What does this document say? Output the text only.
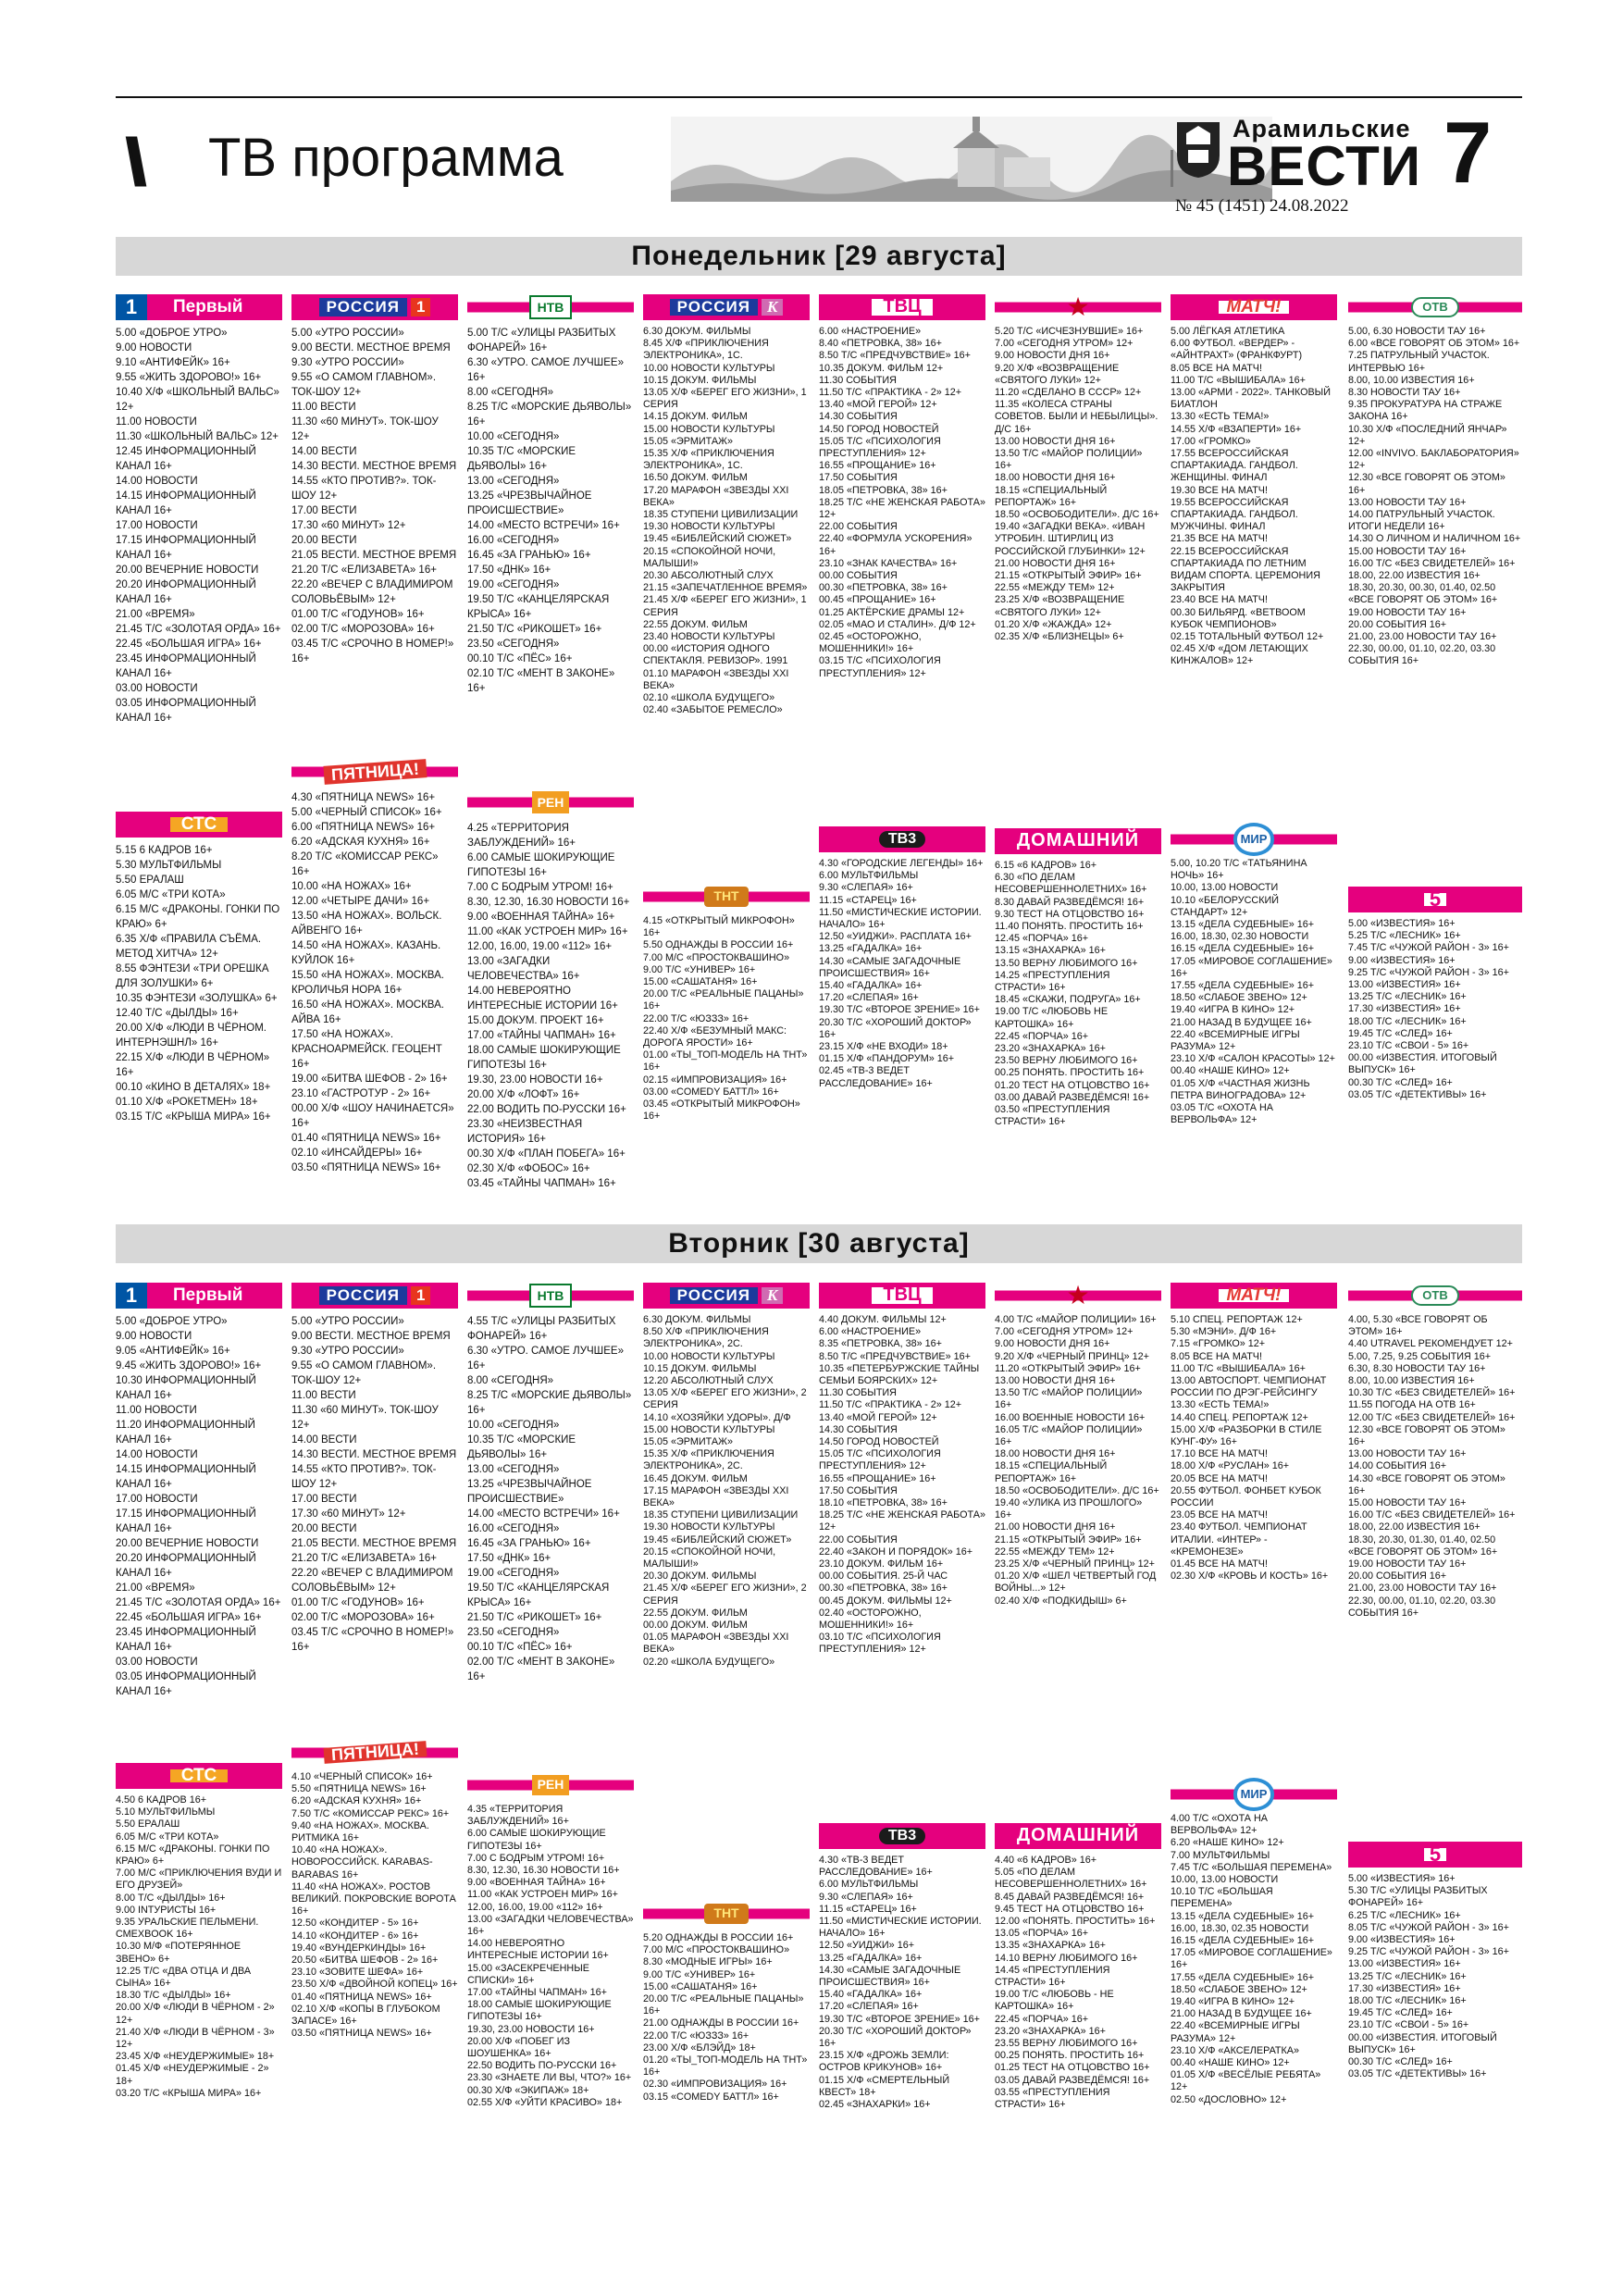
\\ ТВ программа	Арамильские
ВЕСТИ
№ 45 (1451) 24.08.2022
7
Понедельник [29 августа]
1	Первый
5.00 «ДОБРОЕ УТРО»
9.00 НОВОСТИ
9.10 «АНТИФЕЙК» 16+
9.55 «ЖИТЬ ЗДОРОВО!» 16+
10.40 Х/Ф «ШКОЛЬНЫЙ ВАЛЬС» 12+
11.00 НОВОСТИ
11.30 «ШКОЛЬНЫЙ ВАЛЬС» 12+
12.45 ИНФОРМАЦИОННЫЙ КАНАЛ 16+
14.00 НОВОСТИ
14.15 ИНФОРМАЦИОННЫЙ КАНАЛ 16+
17.00 НОВОСТИ
17.15 ИНФОРМАЦИОННЫЙ КАНАЛ 16+
20.00 ВЕЧЕРНИЕ НОВОСТИ
20.20 ИНФОРМАЦИОННЫЙ КАНАЛ 16+
21.00 «ВРЕМЯ»
21.45 Т/С «ЗОЛОТАЯ ОРДА» 16+
22.45 «БОЛЬШАЯ ИГРА» 16+
23.45 ИНФОРМАЦИОННЫЙ КАНАЛ 16+
03.00 НОВОСТИ
03.05 ИНФОРМАЦИОННЫЙ КАНАЛ 16+
СТС
5.15 6 КАДРОВ 16+
5.30 МУЛЬТФИЛЬМЫ
5.50 ЕРАЛАШ
6.05 М/С «ТРИ КОТА»
6.15 М/С «ДРАКОНЫ. ГОНКИ ПО КРАЮ» 6+
6.35 Х/Ф «ПРАВИЛА СЪЁМА. МЕТОД ХИТЧА» 12+
8.55 ФЭНТЕЗИ «ТРИ ОРЕШКА ДЛЯ ЗОЛУШКИ» 6+
10.35 ФЭНТЕЗИ «ЗОЛУШКА» 6+
12.40 Т/С «ДЫЛДЫ» 16+
20.00 Х/Ф «ЛЮДИ В ЧЁРНОМ. ИНТЕРНЭШНЛ» 16+
22.15 Х/Ф «ЛЮДИ В ЧЁРНОМ» 16+
00.10 «КИНО В ДЕТАЛЯХ» 18+
01.10 Х/Ф «РОКЕТМЕН» 18+
03.15 Т/С «КРЫША МИРА» 16+
РОССИЯ	1
5.00 «УТРО РОССИИ»
9.00 ВЕСТИ. МЕСТНОЕ ВРЕМЯ
9.30 «УТРО РОССИИ»
9.55 «О САМОМ ГЛАВНОМ». ТОК-ШОУ 12+
11.00 ВЕСТИ
11.30 «60 МИНУТ». ТОК-ШОУ 12+
14.00 ВЕСТИ
14.30 ВЕСТИ. МЕСТНОЕ ВРЕМЯ
14.55 «КТО ПРОТИВ?». ТОК-ШОУ 12+
17.00 ВЕСТИ
17.30 «60 МИНУТ» 12+
20.00 ВЕСТИ
21.05 ВЕСТИ. МЕСТНОЕ ВРЕМЯ
21.20 Т/С «ЕЛИЗАВЕТА» 16+
22.20 «ВЕЧЕР С ВЛАДИМИРОМ СОЛОВЬЁВЫМ» 12+
01.00 Т/С «ГОДУНОВ» 16+
02.00 Т/С «МОРОЗОВА» 16+
03.45 Т/С «СРОЧНО В НОМЕР!» 16+
ПЯТНИЦА!
4.30 «ПЯТНИЦА NEWS» 16+
5.00 «ЧЕРНЫЙ СПИСОК» 16+
6.00 «ПЯТНИЦА NEWS» 16+
6.20 «АДСКАЯ КУХНЯ» 16+
8.20 Т/С «КОМИССАР РЕКС» 16+
10.00 «НА НОЖАХ» 16+
12.00 «ЧЕТЫРЕ ДАЧИ» 16+
13.50 «НА НОЖАХ». ВОЛЬСК. АЙВЕНГО 16+
14.50 «НА НОЖАХ». КАЗАНЬ. КУЙЛОК 16+
15.50 «НА НОЖАХ». МОСКВА. КРОЛИЧЬЯ НОРА 16+
16.50 «НА НОЖАХ». МОСКВА. АЙВА 16+
17.50 «НА НОЖАХ». КРАСНОАРМЕЙСК. ГЕОЦЕНТ 16+
19.00 «БИТВА ШЕФОВ - 2» 16+
23.10 «ГАСТРОТУР - 2» 16+
00.00 Х/Ф «ШОУ НАЧИНАЕТСЯ» 16+
01.40 «ПЯТНИЦА NEWS» 16+
02.10 «ИНСАЙДЕРЫ» 16+
03.50 «ПЯТНИЦА NEWS» 16+
НТВ
5.00 Т/С «УЛИЦЫ РАЗБИТЫХ ФОНАРЕЙ» 16+
6.30 «УТРО. САМОЕ ЛУЧШЕЕ» 16+
8.00 «СЕГОДНЯ»
8.25 Т/С «МОРСКИЕ ДЬЯВОЛЫ» 16+
10.00 «СЕГОДНЯ»
10.35 Т/С «МОРСКИЕ ДЬЯВОЛЫ» 16+
13.00 «СЕГОДНЯ»
13.25 «ЧРЕЗВЫЧАЙНОЕ ПРОИСШЕСТВИЕ»
14.00 «МЕСТО ВСТРЕЧИ» 16+
16.00 «СЕГОДНЯ»
16.45 «ЗА ГРАНЬЮ» 16+
17.50 «ДНК» 16+
19.00 «СЕГОДНЯ»
19.50 Т/С «КАНЦЕЛЯРСКАЯ КРЫСА» 16+
21.50 Т/С «РИКОШЕТ» 16+
23.50 «СЕГОДНЯ»
00.10 Т/С «ПЁС» 16+
02.10 Т/С «МЕНТ В ЗАКОНЕ» 16+
РЕН
4.25 «ТЕРРИТОРИЯ ЗАБЛУЖДЕНИЙ» 16+
6.00 САМЫЕ ШОКИРУЮЩИЕ ГИПОТЕЗЫ 16+
7.00 С БОДРЫМ УТРОМ! 16+
8.30, 12.30, 16.30 НОВОСТИ 16+
9.00 «ВОЕННАЯ ТАЙНА» 16+
11.00 «КАК УСТРОЕН МИР» 16+
12.00, 16.00, 19.00 «112» 16+
13.00 «ЗАГАДКИ ЧЕЛОВЕЧЕСТВА» 16+
14.00 НЕВЕРОЯТНО ИНТЕРЕСНЫЕ ИСТОРИИ 16+
15.00 ДОКУМ. ПРОЕКТ 16+
17.00 «ТАЙНЫ ЧАПМАН» 16+
18.00 САМЫЕ ШОКИРУЮЩИЕ ГИПОТЕЗЫ 16+
19.30, 23.00 НОВОСТИ 16+
20.00 Х/Ф «ЛОФТ» 16+
22.00 ВОДИТЬ ПО-РУССКИ 16+
23.30 «НЕИЗВЕСТНАЯ ИСТОРИЯ» 16+
00.30 Х/Ф «ПЛАН ПОБЕГА» 16+
02.30 Х/Ф «ФОБОС» 16+
03.45 «ТАЙНЫ ЧАПМАН» 16+
РОССИЯ	K
6.30 ДОКУМ. ФИЛЬМЫ
8.45 Х/Ф «ПРИКЛЮЧЕНИЯ ЭЛЕКТРОНИКА», 1С.
10.00 НОВОСТИ КУЛЬТУРЫ
10.15 ДОКУМ. ФИЛЬМЫ
13.05 Х/Ф «БЕРЕГ ЕГО ЖИЗНИ», 1 СЕРИЯ
14.15 ДОКУМ. ФИЛЬМ
15.00 НОВОСТИ КУЛЬТУРЫ
15.05 «ЭРМИТАЖ»
15.35 Х/Ф «ПРИКЛЮЧЕНИЯ ЭЛЕКТРОНИКА», 1С.
16.50 ДОКУМ. ФИЛЬМ
17.20 МАРАФОН «ЗВЕЗДЫ XXI ВЕКА»
18.35 СТУПЕНИ ЦИВИЛИЗАЦИИ
19.30 НОВОСТИ КУЛЬТУРЫ
19.45 «БИБЛЕЙСКИЙ СЮЖЕТ»
20.15 «СПОКОЙНОЙ НОЧИ, МАЛЫШИ!»
20.30 АБСОЛЮТНЫЙ СЛУХ
21.15 «ЗАПЕЧАТЛЕННОЕ ВРЕМЯ»
21.45 Х/Ф «БЕРЕГ ЕГО ЖИЗНИ», 1 СЕРИЯ
22.55 ДОКУМ. ФИЛЬМ
23.40 НОВОСТИ КУЛЬТУРЫ
00.00 «ИСТОРИЯ ОДНОГО СПЕКТАКЛЯ. РЕВИЗОР». 1991
01.10 МАРАФОН «ЗВЕЗДЫ XXI ВЕКА»
02.10 «ШКОЛА БУДУЩЕГО»
02.40 «ЗАБЫТОЕ РЕМЕСЛО»
ТНТ
4.15 «ОТКРЫТЫЙ МИКРОФОН» 16+
5.50 ОДНАЖДЫ В РОССИИ 16+
7.00 М/С «ПРОСТОКВАШИНО»
9.00 Т/С «УНИВЕР» 16+
15.00 «САШАТАНЯ» 16+
20.00 Т/С «РЕАЛЬНЫЕ ПАЦАНЫ» 16+
22.00 Т/С «ЮЗЗЗ» 16+
22.40 Х/Ф «БЕЗУМНЫЙ МАКС: ДОРОГА ЯРОСТИ» 16+
01.00 «ТЫ_ТОП-МОДЕЛЬ НА ТНТ» 16+
02.15 «ИМПРОВИЗАЦИЯ» 16+
03.00 «COMEDY БАТТЛ» 16+
03.45 «ОТКРЫТЫЙ МИКРОФОН» 16+
ТВЦ
6.00 «НАСТРОЕНИЕ»
8.40 «ПЕТРОВКА, 38» 16+
8.50 Т/С «ПРЕДЧУВСТВИЕ» 16+
10.35 ДОКУМ. ФИЛЬМ 12+
11.30 СОБЫТИЯ
11.50 Т/С «ПРАКТИКА - 2» 12+
13.40 «МОЙ ГЕРОЙ» 12+
14.30 СОБЫТИЯ
14.50 ГОРОД НОВОСТЕЙ
15.05 Т/С «ПСИХОЛОГИЯ ПРЕСТУПЛЕНИЯ» 12+
16.55 «ПРОЩАНИЕ» 16+
17.50 СОБЫТИЯ
18.05 «ПЕТРОВКА, 38» 16+
18.25 Т/С «НЕ ЖЕНСКАЯ РАБОТА» 12+
22.00 СОБЫТИЯ
22.40 «ФОРМУЛА УСКОРЕНИЯ» 16+
23.10 «ЗНАК КАЧЕСТВА» 16+
00.00 СОБЫТИЯ
00.30 «ПЕТРОВКА, 38» 16+
00.45 «ПРОЩАНИЕ» 16+
01.25 АКТЁРСКИЕ ДРАМЫ 12+
02.05 «МАО И СТАЛИН». Д/Ф 12+
02.45 «ОСТОРОЖНО, МОШЕННИКИ!» 16+
03.15 Т/С «ПСИХОЛОГИЯ ПРЕСТУПЛЕНИЯ» 12+
ТВ3
4.30 «ГОРОДСКИЕ ЛЕГЕНДЫ» 16+
6.00 МУЛЬТФИЛЬМЫ
9.30 «СЛЕПАЯ» 16+
11.15 «СТАРЕЦ» 16+
11.50 «МИСТИЧЕСКИЕ ИСТОРИИ. НАЧАЛО» 16+
12.50 «УИДЖИ». РАСПЛАТА 16+
13.25 «ГАДАЛКА» 16+
14.30 «САМЫЕ ЗАГАДОЧНЫЕ ПРОИСШЕСТВИЯ» 16+
15.40 «ГАДАЛКА» 16+
17.20 «СЛЕПАЯ» 16+
19.30 Т/С «ВТОРОЕ ЗРЕНИЕ» 16+
20.30 Т/С «ХОРОШИЙ ДОКТОР» 16+
23.15 Х/Ф «НЕ ВХОДИ» 18+
01.15 Х/Ф «ПАНДОРУМ» 16+
02.45 «ТВ-3 ВЕДЕТ РАССЛЕДОВАНИЕ» 16+
★
5.20 Т/С «ИСЧЕЗНУВШИЕ» 16+
7.00 «СЕГОДНЯ УТРОМ» 12+
9.00 НОВОСТИ ДНЯ 16+
9.20 Х/Ф «ВОЗВРАЩЕНИЕ «СВЯТОГО ЛУКИ» 12+
11.20 «СДЕЛАНО В СССР» 12+
11.35 «КОЛЕСА СТРАНЫ СОВЕТОВ. БЫЛИ И НЕБЫЛИЦЫ». Д/С 16+
13.00 НОВОСТИ ДНЯ 16+
13.50 Т/С «МАЙОР ПОЛИЦИИ» 16+
18.00 НОВОСТИ ДНЯ 16+
18.15 «СПЕЦИАЛЬНЫЙ РЕПОРТАЖ» 16+
18.50 «ОСВОБОДИТЕЛИ». Д/С 16+
19.40 «ЗАГАДКИ ВЕКА». «ИВАН УТРОБИН. ШТИРЛИЦ ИЗ РОССИЙСКОЙ ГЛУБИНКИ» 12+
21.00 НОВОСТИ ДНЯ 16+
21.15 «ОТКРЫТЫЙ ЭФИР» 16+
22.55 «МЕЖДУ ТЕМ» 12+
23.25 Х/Ф «ВОЗВРАЩЕНИЕ «СВЯТОГО ЛУКИ» 12+
01.20 Х/Ф «ЖАЖДА» 12+
02.35 Х/Ф «БЛИЗНЕЦЫ» 6+
ДОМАШНИЙ
6.15 «6 КАДРОВ» 16+
6.30 «ПО ДЕЛАМ НЕСОВЕРШЕННОЛЕТНИХ» 16+
8.30 ДАВАЙ РАЗВЕДЁМСЯ! 16+
9.30 ТЕСТ НА ОТЦОВСТВО 16+
11.40 ПОНЯТЬ. ПРОСТИТЬ 16+
12.45 «ПОРЧА» 16+
13.15 «ЗНАХАРКА» 16+
13.50 ВЕРНУ ЛЮБИМОГО 16+
14.25 «ПРЕСТУПЛЕНИЯ СТРАСТИ» 16+
18.45 «СКАЖИ, ПОДРУГА» 16+
19.00 Т/С «ЛЮБОВЬ НЕ КАРТОШКА» 16+
22.45 «ПОРЧА» 16+
23.20 «ЗНАХАРКА» 16+
23.50 ВЕРНУ ЛЮБИМОГО 16+
00.25 ПОНЯТЬ. ПРОСТИТЬ 16+
01.20 ТЕСТ НА ОТЦОВСТВО 16+
03.00 ДАВАЙ РАЗВЕДЁМСЯ! 16+
03.50 «ПРЕСТУПЛЕНИЯ СТРАСТИ» 16+
МАТЧ!
5.00 ЛЁГКАЯ АТЛЕТИКА
6.00 ФУТБОЛ. «ВЕРДЕР» - «АЙНТРАХТ» (ФРАНКФУРТ)
8.05 ВСЕ НА МАТЧ!
11.00 Т/С «ВЫШИБАЛА» 16+
13.00 «АРМИ - 2022». ТАНКОВЫЙ БИАТЛОН
13.30 «ЕСТЬ ТЕМА!»
14.55 Х/Ф «ВЗАПЕРТИ» 16+
17.00 «ГРОМКО»
17.55 ВСЕРОССИЙСКАЯ СПАРТАКИАДА. ГАНДБОЛ. ЖЕНЩИНЫ. ФИНАЛ
19.30 ВСЕ НА МАТЧ!
19.55 ВСЕРОССИЙСКАЯ СПАРТАКИАДА. ГАНДБОЛ. МУЖЧИНЫ. ФИНАЛ
21.35 ВСЕ НА МАТЧ!
22.15 ВСЕРОССИЙСКАЯ СПАРТАКИАДА ПО ЛЕТНИМ ВИДАМ СПОРТА. ЦЕРЕМОНИЯ ЗАКРЫТИЯ
23.40 ВСЕ НА МАТЧ!
00.30 БИЛЬЯРД. «ВЕТВООМ КУБОК ЧЕМПИОНОВ»
02.15 ТОТАЛЬНЫЙ ФУТБОЛ 12+
02.45 Х/Ф «ДОМ ЛЕТАЮЩИХ КИНЖАЛОВ» 12+
МИР
5.00, 10.20 Т/С «ТАТЬЯНИНА НОЧЬ» 16+
10.00, 13.00 НОВОСТИ
10.10 «БЕЛОРУССКИЙ СТАНДАРТ» 12+
13.15 «ДЕЛА СУДЕБНЫЕ» 16+
16.00, 18.30, 02.30 НОВОСТИ
16.15 «ДЕЛА СУДЕБНЫЕ» 16+
17.05 «МИРОВОЕ СОГЛАШЕНИЕ» 16+
17.55 «ДЕЛА СУДЕБНЫЕ» 16+
18.50 «СЛАБОЕ ЗВЕНО» 12+
19.40 «ИГРА В КИНО» 12+
21.00 НАЗАД В БУДУЩЕЕ 16+
22.40 «ВСЕМИРНЫЕ ИГРЫ РАЗУМА» 12+
23.10 Х/Ф «САЛОН КРАСОТЫ» 12+
00.40 «НАШЕ КИНО» 12+
01.05 Х/Ф «ЧАСТНАЯ ЖИЗНЬ ПЕТРА ВИНОГРАДОВА» 12+
03.05 Т/С «ОХОТА НА ВЕРВОЛЬФА» 12+
ОТВ
5.00, 6.30 НОВОСТИ ТАУ 16+
6.00 «ВСЕ ГОВОРЯТ ОБ ЭТОМ» 16+
7.25 ПАТРУЛЬНЫЙ УЧАСТОК. ИНТЕРВЬЮ 16+
8.00, 10.00 ИЗВЕСТИЯ 16+
8.30 НОВОСТИ ТАУ 16+
9.35 ПРОКУРАТУРА НА СТРАЖЕ ЗАКОНА 16+
10.30 Х/Ф «ПОСЛЕДНИЙ ЯНЧАР» 12+
12.00 «INVIVO. БАКЛАБОРАТОРИЯ» 12+
12.30 «ВСЕ ГОВОРЯТ ОБ ЭТОМ» 16+
13.00 НОВОСТИ ТАУ 16+
14.00 ПАТРУЛЬНЫЙ УЧАСТОК. ИТОГИ НЕДЕЛИ 16+
14.30 О ЛИЧНОМ И НАЛИЧНОМ 16+
15.00 НОВОСТИ ТАУ 16+
16.00 Т/С «БЕЗ СВИДЕТЕЛЕЙ» 16+
18.00, 22.00 ИЗВЕСТИЯ 16+
18.30, 20.30, 00.30, 01.40, 02.50 «ВСЕ ГОВОРЯТ ОБ ЭТОМ» 16+
19.00 НОВОСТИ ТАУ 16+
20.00 СОБЫТИЯ 16+
21.00, 23.00 НОВОСТИ ТАУ 16+
22.30, 00.00, 01.10, 02.20, 03.30 СОБЫТИЯ 16+
5
5.00 «ИЗВЕСТИЯ» 16+
5.25 Т/С «ЛЕСНИК» 16+
7.45 Т/С «ЧУЖОЙ РАЙОН - 3» 16+
9.00 «ИЗВЕСТИЯ» 16+
9.25 Т/С «ЧУЖОЙ РАЙОН - 3» 16+
13.00 «ИЗВЕСТИЯ» 16+
13.25 Т/С «ЛЕСНИК» 16+
17.30 «ИЗВЕСТИЯ» 16+
18.00 Т/С «ЛЕСНИК» 16+
19.45 Т/С «СЛЕД» 16+
23.10 Т/С «СВОИ - 5» 16+
00.00 «ИЗВЕСТИЯ. ИТОГОВЫЙ ВЫПУСК» 16+
00.30 Т/С «СЛЕД» 16+
03.05 Т/С «ДЕТЕКТИВЫ» 16+
Вторник [30 августа]
1	Первый
5.00 «ДОБРОЕ УТРО»
9.00 НОВОСТИ
9.05 «АНТИФЕЙК» 16+
9.45 «ЖИТЬ ЗДОРОВО!» 16+
10.30 ИНФОРМАЦИОННЫЙ КАНАЛ 16+
11.00 НОВОСТИ
11.20 ИНФОРМАЦИОННЫЙ КАНАЛ 16+
14.00 НОВОСТИ
14.15 ИНФОРМАЦИОННЫЙ КАНАЛ 16+
17.00 НОВОСТИ
17.15 ИНФОРМАЦИОННЫЙ КАНАЛ 16+
20.00 ВЕЧЕРНИЕ НОВОСТИ
20.20 ИНФОРМАЦИОННЫЙ КАНАЛ 16+
21.00 «ВРЕМЯ»
21.45 Т/С «ЗОЛОТАЯ ОРДА» 16+
22.45 «БОЛЬШАЯ ИГРА» 16+
23.45 ИНФОРМАЦИОННЫЙ КАНАЛ 16+
03.00 НОВОСТИ
03.05 ИНФОРМАЦИОННЫЙ КАНАЛ 16+
СТС
4.50 6 КАДРОВ 16+
5.10 МУЛЬТФИЛЬМЫ
5.50 ЕРАЛАШ
6.05 М/С «ТРИ КОТА»
6.15 М/С «ДРАКОНЫ. ГОНКИ ПО КРАЮ» 6+
7.00 М/С «ПРИКЛЮЧЕНИЯ ВУДИ И ЕГО ДРУЗЕЙ»
8.00 Т/С «ДЫЛДЫ» 16+
9.00 INTУРИСТЫ 16+
9.35 УРАЛЬСКИЕ ПЕЛЬМЕНИ. СМЕХBOOK 16+
10.30 М/Ф «ПОТЕРЯННОЕ ЗВЕНО» 6+
12.25 Т/С «ДВА ОТЦА И ДВА СЫНА» 16+
18.30 Т/С «ДЫЛДЫ» 16+
20.00 Х/Ф «ЛЮДИ В ЧЁРНОМ - 2» 12+
21.40 Х/Ф «ЛЮДИ В ЧЁРНОМ - 3» 12+
23.45 Х/Ф «НЕУДЕРЖИМЫЕ» 18+
01.45 Х/Ф «НЕУДЕРЖИМЫЕ - 2» 18+
03.20 Т/С «КРЫША МИРА» 16+
РОССИЯ	1
5.00 «УТРО РОССИИ»
9.00 ВЕСТИ. МЕСТНОЕ ВРЕМЯ
9.30 «УТРО РОССИИ»
9.55 «О САМОМ ГЛАВНОМ». ТОК-ШОУ 12+
11.00 ВЕСТИ
11.30 «60 МИНУТ». ТОК-ШОУ 12+
14.00 ВЕСТИ
14.30 ВЕСТИ. МЕСТНОЕ ВРЕМЯ
14.55 «КТО ПРОТИВ?». ТОК-ШОУ 12+
17.00 ВЕСТИ
17.30 «60 МИНУТ» 12+
20.00 ВЕСТИ
21.05 ВЕСТИ. МЕСТНОЕ ВРЕМЯ
21.20 Т/С «ЕЛИЗАВЕТА» 16+
22.20 «ВЕЧЕР С ВЛАДИМИРОМ СОЛОВЬЁВЫМ» 12+
01.00 Т/С «ГОДУНОВ» 16+
02.00 Т/С «МОРОЗОВА» 16+
03.45 Т/С «СРОЧНО В НОМЕР!» 16+
ПЯТНИЦА!
4.10 «ЧЕРНЫЙ СПИСОК» 16+
5.50 «ПЯТНИЦА NEWS» 16+
6.20 «АДСКАЯ КУХНЯ» 16+
7.50 Т/С «КОМИССАР РЕКС» 16+
9.40 «НА НОЖАХ». МОСКВА. РИТМИКА 16+
10.40 «НА НОЖАХ». НОВОРОССИЙСК. KARABAS-BARABAS 16+
11.40 «НА НОЖАХ». РОСТОВ ВЕЛИКИЙ. ПОКРОВСКИЕ ВОРОТА 16+
12.50 «КОНДИТЕР - 5» 16+
14.10 «КОНДИТЕР - 6» 16+
19.40 «ВУНДЕРКИНДЫ» 16+
20.50 «БИТВА ШЕФОВ - 2» 16+
23.10 «ЗОВИТЕ ШЕФА» 16+
23.50 Х/Ф «ДВОЙНОЙ КОПЕЦ» 16+
01.40 «ПЯТНИЦА NEWS» 16+
02.10 Х/Ф «КОПЫ В ГЛУБОКОМ ЗАПАСЕ» 16+
03.50 «ПЯТНИЦА NEWS» 16+
НТВ
4.55 Т/С «УЛИЦЫ РАЗБИТЫХ ФОНАРЕЙ» 16+
6.30 «УТРО. САМОЕ ЛУЧШЕЕ» 16+
8.00 «СЕГОДНЯ»
8.25 Т/С «МОРСКИЕ ДЬЯВОЛЫ» 16+
10.00 «СЕГОДНЯ»
10.35 Т/С «МОРСКИЕ ДЬЯВОЛЫ» 16+
13.00 «СЕГОДНЯ»
13.25 «ЧРЕЗВЫЧАЙНОЕ ПРОИСШЕСТВИЕ»
14.00 «МЕСТО ВСТРЕЧИ» 16+
16.00 «СЕГОДНЯ»
16.45 «ЗА ГРАНЬЮ» 16+
17.50 «ДНК» 16+
19.00 «СЕГОДНЯ»
19.50 Т/С «КАНЦЕЛЯРСКАЯ КРЫСА» 16+
21.50 Т/С «РИКОШЕТ» 16+
23.50 «СЕГОДНЯ»
00.10 Т/С «ПЁС» 16+
02.00 Т/С «МЕНТ В ЗАКОНЕ» 16+
РЕН
4.35 «ТЕРРИТОРИЯ ЗАБЛУЖДЕНИЙ» 16+
6.00 САМЫЕ ШОКИРУЮЩИЕ ГИПОТЕЗЫ 16+
7.00 С БОДРЫМ УТРОМ! 16+
8.30, 12.30, 16.30 НОВОСТИ 16+
9.00 «ВОЕННАЯ ТАЙНА» 16+
11.00 «КАК УСТРОЕН МИР» 16+
12.00, 16.00, 19.00 «112» 16+
13.00 «ЗАГАДКИ ЧЕЛОВЕЧЕСТВА» 16+
14.00 НЕВЕРОЯТНО ИНТЕРЕСНЫЕ ИСТОРИИ 16+
15.00 «ЗАСЕКРЕЧЕННЫЕ СПИСКИ» 16+
17.00 «ТАЙНЫ ЧАПМАН» 16+
18.00 САМЫЕ ШОКИРУЮЩИЕ ГИПОТЕЗЫ 16+
19.30, 23.00 НОВОСТИ 16+
20.00 Х/Ф «ПОБЕГ ИЗ ШОУШЕНКА» 16+
22.50 ВОДИТЬ ПО-РУССКИ 16+
23.30 «ЗНАЕТЕ ЛИ ВЫ, ЧТО?» 16+
00.30 Х/Ф «ЭКИПАЖ» 18+
02.55 Х/Ф «УЙТИ КРАСИВО» 18+
РОССИЯ	K
6.30 ДОКУМ. ФИЛЬМЫ
8.50 Х/Ф «ПРИКЛЮЧЕНИЯ ЭЛЕКТРОНИКА», 2С.
10.00 НОВОСТИ КУЛЬТУРЫ
10.15 ДОКУМ. ФИЛЬМЫ
12.20 АБСОЛЮТНЫЙ СЛУХ
13.05 Х/Ф «БЕРЕГ ЕГО ЖИЗНИ», 2 СЕРИЯ
14.10 «ХОЗЯЙКИ УДОРЫ». Д/Ф
15.00 НОВОСТИ КУЛЬТУРЫ
15.05 «ЭРМИТАЖ»
15.35 Х/Ф «ПРИКЛЮЧЕНИЯ ЭЛЕКТРОНИКА», 2С.
16.45 ДОКУМ. ФИЛЬМ
17.15 МАРАФОН «ЗВЕЗДЫ XXI ВЕКА»
18.35 СТУПЕНИ ЦИВИЛИЗАЦИИ
19.30 НОВОСТИ КУЛЬТУРЫ
19.45 «БИБЛЕЙСКИЙ СЮЖЕТ»
20.15 «СПОКОЙНОЙ НОЧИ, МАЛЫШИ!»
20.30 ДОКУМ. ФИЛЬМЫ
21.45 Х/Ф «БЕРЕГ ЕГО ЖИЗНИ», 2 СЕРИЯ
22.55 ДОКУМ. ФИЛЬМ
00.00 ДОКУМ. ФИЛЬМ
01.05 МАРАФОН «ЗВЕЗДЫ XXI ВЕКА»
02.20 «ШКОЛА БУДУЩЕГО»
ТНТ
5.20 ОДНАЖДЫ В РОССИИ 16+
7.00 М/С «ПРОСТОКВАШИНО»
8.30 «МОДНЫЕ ИГРЫ» 16+
9.00 Т/С «УНИВЕР» 16+
15.00 «САШАТАНЯ» 16+
20.00 Т/С «РЕАЛЬНЫЕ ПАЦАНЫ» 16+
21.00 ОДНАЖДЫ В РОССИИ 16+
22.00 Т/С «ЮЗЗЗ» 16+
23.00 Х/Ф «БЛЭЙД» 18+
01.20 «ТЫ_ТОП-МОДЕЛЬ НА ТНТ» 16+
02.30 «ИМПРОВИЗАЦИЯ» 16+
03.15 «COMEDY БАТТЛ» 16+
ТВЦ
4.40 ДОКУМ. ФИЛЬМЫ 12+
6.00 «НАСТРОЕНИЕ»
8.35 «ПЕТРОВКА, 38» 16+
8.50 Т/С «ПРЕДЧУВСТВИЕ» 16+
10.35 «ПЕТЕРБУРЖСКИЕ ТАЙНЫ СЕМЬИ БОЯРСКИХ» 12+
11.30 СОБЫТИЯ
11.50 Т/С «ПРАКТИКА - 2» 12+
13.40 «МОЙ ГЕРОЙ» 12+
14.30 СОБЫТИЯ
14.50 ГОРОД НОВОСТЕЙ
15.05 Т/С «ПСИХОЛОГИЯ ПРЕСТУПЛЕНИЯ» 12+
16.55 «ПРОЩАНИЕ» 16+
17.50 СОБЫТИЯ
18.10 «ПЕТРОВКА, 38» 16+
18.25 Т/С «НЕ ЖЕНСКАЯ РАБОТА» 12+
22.00 СОБЫТИЯ
22.40 «ЗАКОН И ПОРЯДОК» 16+
23.10 ДОКУМ. ФИЛЬМ 16+
00.00 СОБЫТИЯ. 25-Й ЧАС
00.30 «ПЕТРОВКА, 38» 16+
00.45 ДОКУМ. ФИЛЬМЫ 12+
02.40 «ОСТОРОЖНО, МОШЕННИКИ!» 16+
03.10 Т/С «ПСИХОЛОГИЯ ПРЕСТУПЛЕНИЯ» 12+
ТВ3
4.30 «ТВ-3 ВЕДЕТ РАССЛЕДОВАНИЕ» 16+
6.00 МУЛЬТФИЛЬМЫ
9.30 «СЛЕПАЯ» 16+
11.15 «СТАРЕЦ» 16+
11.50 «МИСТИЧЕСКИЕ ИСТОРИИ. НАЧАЛО» 16+
12.50 «УИДЖИ» 16+
13.25 «ГАДАЛКА» 16+
14.30 «САМЫЕ ЗАГАДОЧНЫЕ ПРОИСШЕСТВИЯ» 16+
15.40 «ГАДАЛКА» 16+
17.20 «СЛЕПАЯ» 16+
19.30 Т/С «ВТОРОЕ ЗРЕНИЕ» 16+
20.30 Т/С «ХОРОШИЙ ДОКТОР» 16+
23.15 Х/Ф «ДРОЖЬ ЗЕМЛИ: ОСТРОВ КРИКУНОВ» 16+
01.15 Х/Ф «СМЕРТЕЛЬНЫЙ КВЕСТ» 18+
02.45 «ЗНАХАРКИ» 16+
★
4.00 Т/С «МАЙОР ПОЛИЦИИ» 16+
7.00 «СЕГОДНЯ УТРОМ» 12+
9.00 НОВОСТИ ДНЯ 16+
9.20 Х/Ф «ЧЕРНЫЙ ПРИНЦ» 12+
11.20 «ОТКРЫТЫЙ ЭФИР» 16+
13.00 НОВОСТИ ДНЯ 16+
13.50 Т/С «МАЙОР ПОЛИЦИИ» 16+
16.00 ВОЕННЫЕ НОВОСТИ 16+
16.05 Т/С «МАЙОР ПОЛИЦИИ» 16+
18.00 НОВОСТИ ДНЯ 16+
18.15 «СПЕЦИАЛЬНЫЙ РЕПОРТАЖ» 16+
18.50 «ОСВОБОДИТЕЛИ». Д/С 16+
19.40 «УЛИКА ИЗ ПРОШЛОГО» 16+
21.00 НОВОСТИ ДНЯ 16+
21.15 «ОТКРЫТЫЙ ЭФИР» 16+
22.55 «МЕЖДУ ТЕМ» 12+
23.25 Х/Ф «ЧЕРНЫЙ ПРИНЦ» 12+
01.20 Х/Ф «ШЕЛ ЧЕТВЕРТЫЙ ГОД ВОЙНЫ...» 12+
02.40 Х/Ф «ПОДКИДЫШ» 6+
ДОМАШНИЙ
4.40 «6 КАДРОВ» 16+
5.05 «ПО ДЕЛАМ НЕСОВЕРШЕННОЛЕТНИХ» 16+
8.45 ДАВАЙ РАЗВЕДЁМСЯ! 16+
9.45 ТЕСТ НА ОТЦОВСТВО 16+
12.00 «ПОНЯТЬ. ПРОСТИТЬ» 16+
13.05 «ПОРЧА» 16+
13.35 «ЗНАХАРКА» 16+
14.10 ВЕРНУ ЛЮБИМОГО 16+
14.45 «ПРЕСТУПЛЕНИЯ СТРАСТИ» 16+
19.00 Т/С «ЛЮБОВЬ - НЕ КАРТОШКА» 16+
22.45 «ПОРЧА» 16+
23.20 «ЗНАХАРКА» 16+
23.55 ВЕРНУ ЛЮБИМОГО 16+
00.25 ПОНЯТЬ. ПРОСТИТЬ 16+
01.25 ТЕСТ НА ОТЦОВСТВО 16+
03.05 ДАВАЙ РАЗВЕДЁМСЯ! 16+
03.55 «ПРЕСТУПЛЕНИЯ СТРАСТИ» 16+
МАТЧ!
5.10 СПЕЦ. РЕПОРТАЖ 12+
5.30 «МЭНИ». Д/Ф 16+
7.15 «ГРОМКО» 12+
8.05 ВСЕ НА МАТЧ!
11.00 Т/С «ВЫШИБАЛА» 16+
13.00 АВТОСПОРТ. ЧЕМПИОНАТ РОССИИ ПО ДРЭГ-РЕЙСИНГУ
13.30 «ЕСТЬ ТЕМА!»
14.40 СПЕЦ. РЕПОРТАЖ 12+
15.00 Х/Ф «РАЗБОРКИ В СТИЛЕ КУНГ-ФУ» 16+
17.10 ВСЕ НА МАТЧ!
18.00 Х/Ф «РУСЛАН» 16+
20.05 ВСЕ НА МАТЧ!
20.55 ФУТБОЛ. ФОНБЕТ КУБОК РОССИИ
23.05 ВСЕ НА МАТЧ!
23.40 ФУТБОЛ. ЧЕМПИОНАТ ИТАЛИИ. «ИНТЕР» - «КРЕМОНЕЗЕ»
01.45 ВСЕ НА МАТЧ!
02.30 Х/Ф «КРОВЬ И КОСТЬ» 16+
МИР
4.00 Т/С «ОХОТА НА ВЕРВОЛЬФА» 12+
6.20 «НАШЕ КИНО» 12+
7.00 МУЛЬТФИЛЬМЫ
7.45 Т/С «БОЛЬШАЯ ПЕРЕМЕНА»
10.00, 13.00 НОВОСТИ
10.10 Т/С «БОЛЬШАЯ ПЕРЕМЕНА»
13.15 «ДЕЛА СУДЕБНЫЕ» 16+
16.00, 18.30, 02.35 НОВОСТИ
16.15 «ДЕЛА СУДЕБНЫЕ» 16+
17.05 «МИРОВОЕ СОГЛАШЕНИЕ» 16+
17.55 «ДЕЛА СУДЕБНЫЕ» 16+
18.50 «СЛАБОЕ ЗВЕНО» 12+
19.40 «ИГРА В КИНО» 12+
21.00 НАЗАД В БУДУЩЕЕ 16+
22.40 «ВСЕМИРНЫЕ ИГРЫ РАЗУМА» 12+
23.10 Х/Ф «АКСЕЛЕРАТКА»
00.40 «НАШЕ КИНО» 12+
01.05 Х/Ф «ВЕСЁЛЫЕ РЕБЯТА» 12+
02.50 «ДОСЛОВНО» 12+
ОТВ
4.00, 5.30 «ВСЕ ГОВОРЯТ ОБ ЭТОМ» 16+
4.40 UTRAVEL РЕКОМЕНДУЕТ 12+
5.00, 7.25, 9.25 СОБЫТИЯ 16+
6.30, 8.30 НОВОСТИ ТАУ 16+
8.00, 10.00 ИЗВЕСТИЯ 16+
10.30 Т/С «БЕЗ СВИДЕТЕЛЕЙ» 16+
11.55 ПОГОДА НА ОТВ 16+
12.00 Т/С «БЕЗ СВИДЕТЕЛЕЙ» 16+
12.30 «ВСЕ ГОВОРЯТ ОБ ЭТОМ» 16+
13.00 НОВОСТИ ТАУ 16+
14.00 СОБЫТИЯ 16+
14.30 «ВСЕ ГОВОРЯТ ОБ ЭТОМ» 16+
15.00 НОВОСТИ ТАУ 16+
16.00 Т/С «БЕЗ СВИДЕТЕЛЕЙ» 16+
18.00, 22.00 ИЗВЕСТИЯ 16+
18.30, 20.30, 01.30, 01.40, 02.50 «ВСЕ ГОВОРЯТ ОБ ЭТОМ» 16+
19.00 НОВОСТИ ТАУ 16+
20.00 СОБЫТИЯ 16+
21.00, 23.00 НОВОСТИ ТАУ 16+
22.30, 00.00, 01.10, 02.20, 03.30 СОБЫТИЯ 16+
5
5.00 «ИЗВЕСТИЯ» 16+
5.30 Т/С «УЛИЦЫ РАЗБИТЫХ ФОНАРЕЙ» 16+
6.25 Т/С «ЛЕСНИК» 16+
8.05 Т/С «ЧУЖОЙ РАЙОН - 3» 16+
9.00 «ИЗВЕСТИЯ» 16+
9.25 Т/С «ЧУЖОЙ РАЙОН - 3» 16+
13.00 «ИЗВЕСТИЯ» 16+
13.25 Т/С «ЛЕСНИК» 16+
17.30 «ИЗВЕСТИЯ» 16+
18.00 Т/С «ЛЕСНИК» 16+
19.45 Т/С «СЛЕД» 16+
23.10 Т/С «СВОИ - 5» 16+
00.00 «ИЗВЕСТИЯ. ИТОГОВЫЙ ВЫПУСК» 16+
00.30 Т/С «СЛЕД» 16+
03.05 Т/С «ДЕТЕКТИВЫ» 16+
